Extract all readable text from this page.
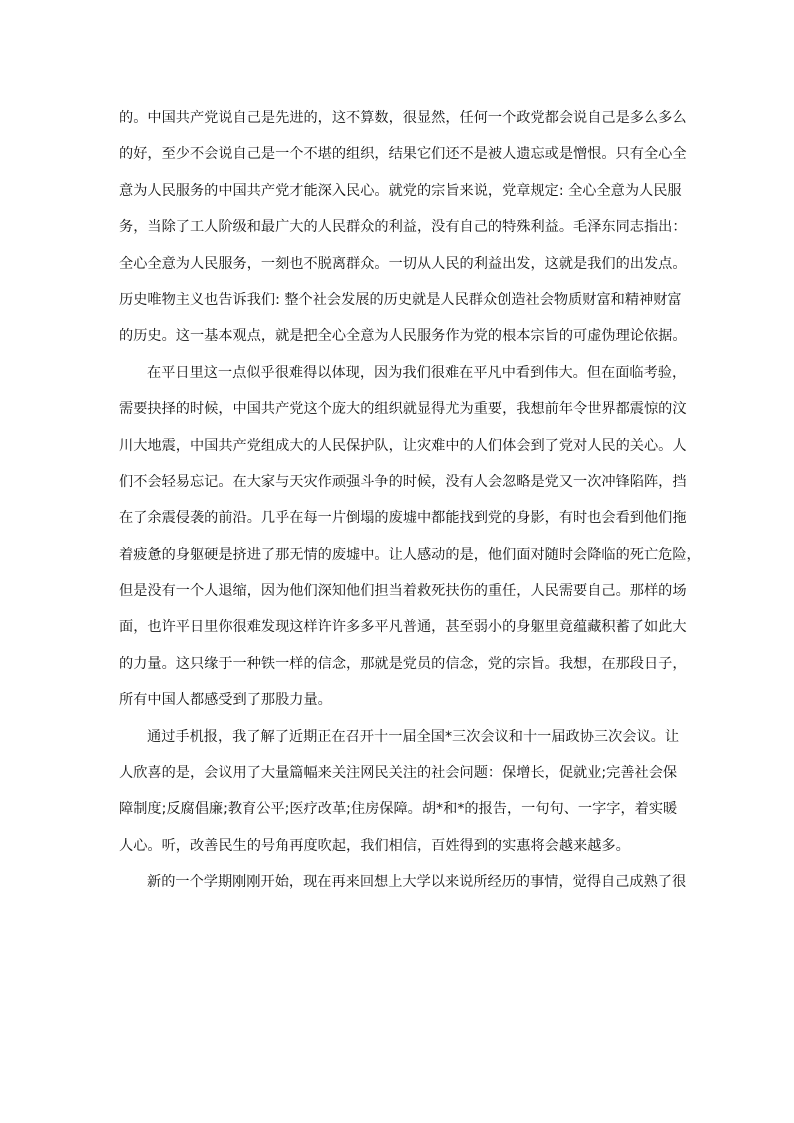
的。中国共产党说自己是先进的，这不算数，很显然，任何一个政党都会说自己是多么多么
的好，至少不会说自己是一个不堪的组织，结果它们还不是被人遗忘或是憎恨。只有全心全
意为人民服务的中国共产党才能深入民心。就党的宗旨来说，党章规定: 全心全意为人民服
务，当除了工人阶级和最广大的人民群众的利益，没有自己的特殊利益。毛泽东同志指出：
全心全意为人民服务，一刻也不脱离群众。一切从人民的利益出发，这就是我们的出发点。
历史唯物主义也告诉我们: 整个社会发展的历史就是人民群众创造社会物质财富和精神财富
的历史。这一基本观点，就是把全心全意为人民服务作为党的根本宗旨的可虚伪理论依据。
在平日里这一点似乎很难得以体现，因为我们很难在平凡中看到伟大。但在面临考验，
需要抉择的时候，中国共产党这个庞大的组织就显得尤为重要，我想前年令世界都震惊的汶
川大地震，中国共产党组成大的人民保护队，让灾难中的人们体会到了党对人民的关心。人
们不会轻易忘记。在大家与天灾作顽强斗争的时候，没有人会忽略是党又一次冲锋陷阵，挡
在了余震侵袭的前沿。几乎在每一片倒塌的废墟中都能找到党的身影，有时也会看到他们拖
着疲惫的身躯硬是挤进了那无情的废墟中。让人感动的是，他们面对随时会降临的死亡危险，
但是没有一个人退缩，因为他们深知他们担当着救死扶伤的重任，人民需要自己。那样的场
面，也许平日里你很难发现这样许许多多平凡普通，甚至弱小的身躯里竟蕴藏积蓄了如此大
的力量。这只缘于一种铁一样的信念，那就是党员的信念，党的宗旨。我想，在那段日子，
所有中国人都感受到了那股力量。
通过手机报，我了解了近期正在召开十一届全国*三次会议和十一届政协三次会议。让
人欣喜的是，会议用了大量篇幅来关注网民关注的社会问题：保增长，促就业;完善社会保
障制度;反腐倡廉;教育公平;医疗改革;住房保障。胡*和*的报告，一句句、一字字，着实暖
人心。听，改善民生的号角再度吹起，我们相信，百姓得到的实惠将会越来越多。
新的一个学期刚刚开始，现在再来回想上大学以来说所经历的事情，觉得自己成熟了很
